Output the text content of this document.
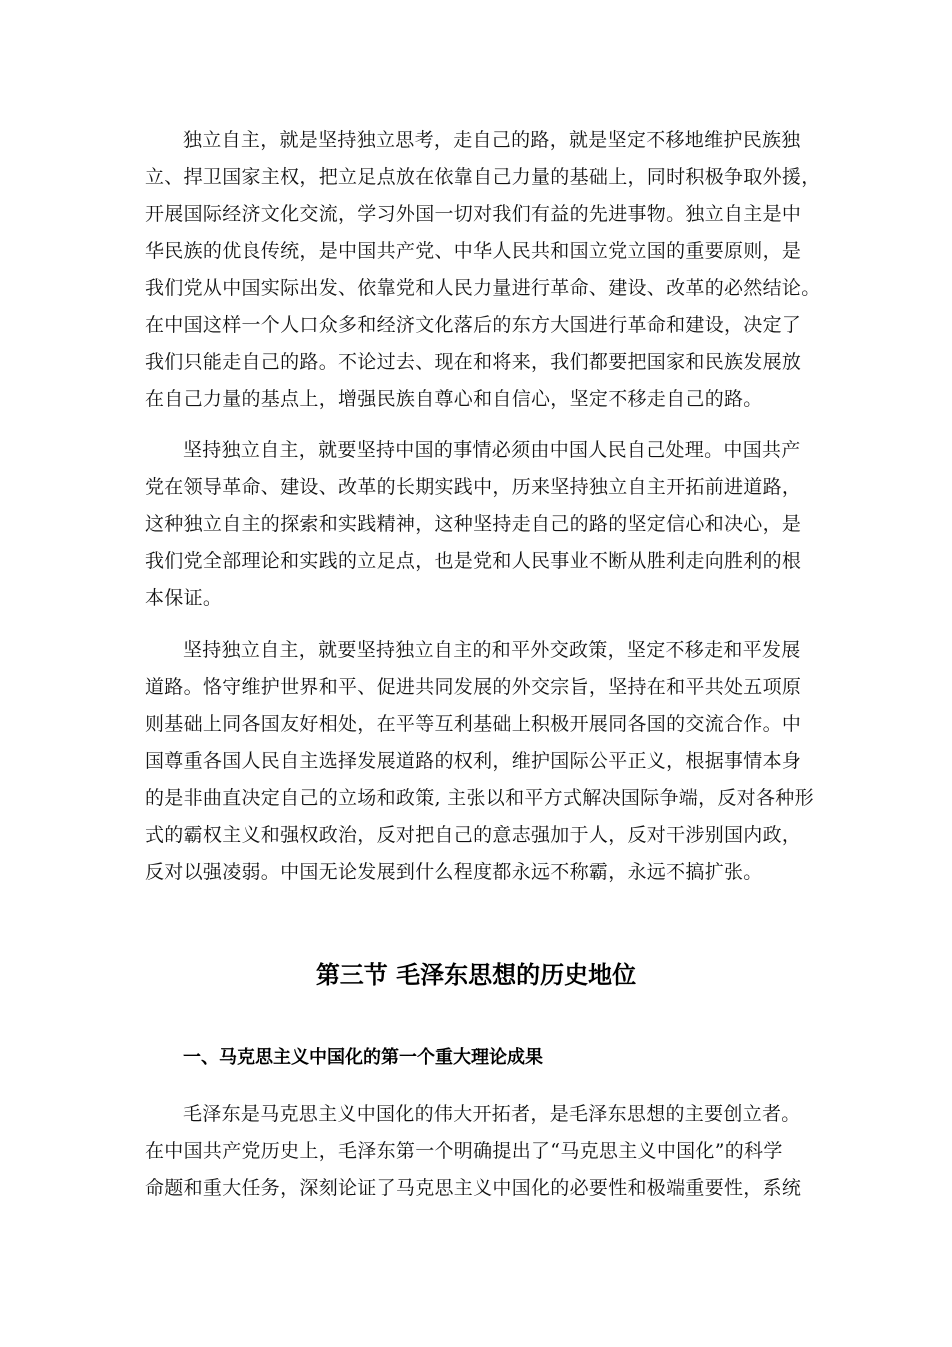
独立自主，就是坚持独立思考，走自己的路，就是坚定不移地维护民族独
立、捍卫国家主权，把立足点放在依靠自己力量的基础上，同时积极争取外援，
开展国际经济文化交流，学习外国一切对我们有益的先进事物。独立自主是中
华民族的优良传统，是中国共产党、中华人民共和国立党立国的重要原则，是
我们党从中国实际出发、依靠党和人民力量进行革命、建设、改革的必然结论。
在中国这样一个人口众多和经济文化落后的东方大国进行革命和建设，决定了
我们只能走自己的路。不论过去、现在和将来，我们都要把国家和民族发展放
在自己力量的基点上，增强民族自尊心和自信心，坚定不移走自己的路。
坚持独立自主，就要坚持中国的事情必须由中国人民自己处理。中国共产
党在领导革命、建设、改革的长期实践中，历来坚持独立自主开拓前进道路，
这种独立自主的探索和实践精神，这种坚持走自己的路的坚定信心和决心，是
我们党全部理论和实践的立足点，也是党和人民事业不断从胜利走向胜利的根
本保证。
坚持独立自主，就要坚持独立自主的和平外交政策，坚定不移走和平发展
道路。恪守维护世界和平、促进共同发展的外交宗旨，坚持在和平共处五项原
则基础上同各国友好相处，在平等互利基础上积极开展同各国的交流合作。中
国尊重各国人民自主选择发展道路的权利，维护国际公平正义，根据事情本身
的是非曲直决定自己的立场和政策, 主张以和平方式解决国际争端，反对各种形
式的霸权主义和强权政治，反对把自己的意志强加于人，反对干涉别国内政，
反对以强凌弱。中国无论发展到什么程度都永远不称霸，永远不搞扩张。
第三节 毛泽东思想的历史地位
一、马克思主义中国化的第一个重大理论成果
毛泽东是马克思主义中国化的伟大开拓者，是毛泽东思想的主要创立者。
在中国共产党历史上，毛泽东第一个明确提出了“马克思主义中国化”的科学
命题和重大任务，深刻论证了马克思主义中国化的必要性和极端重要性，系统
